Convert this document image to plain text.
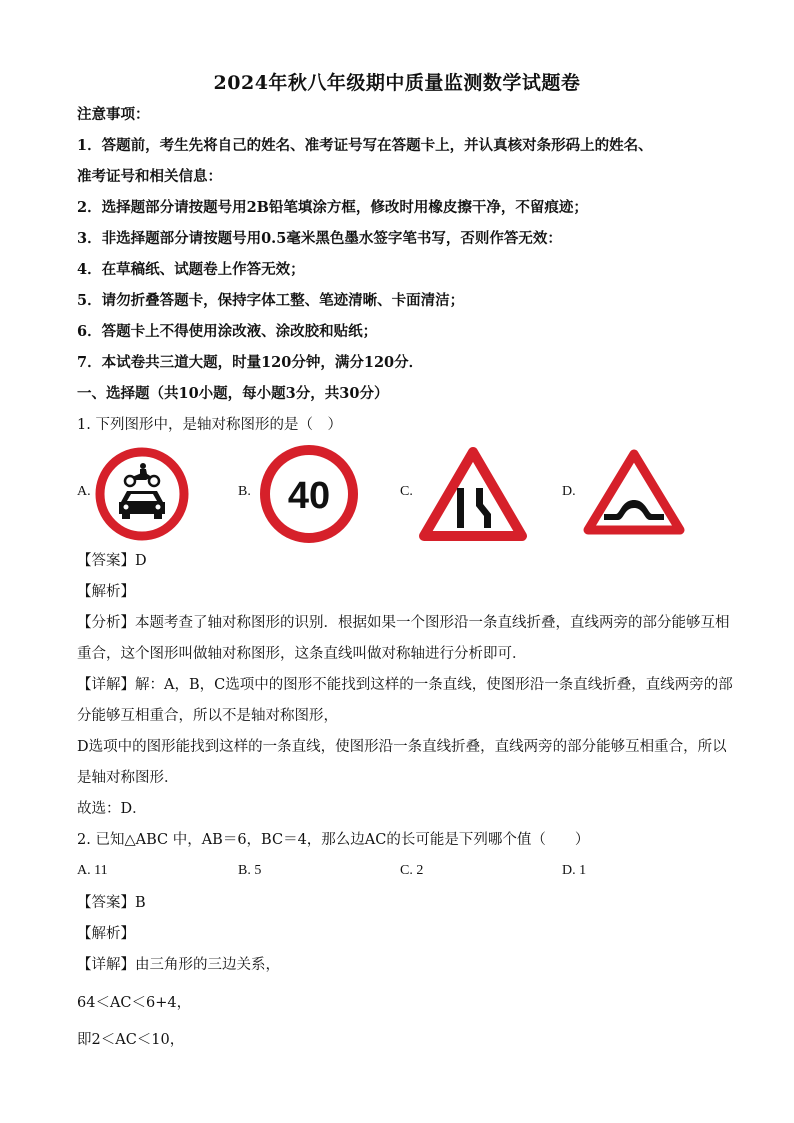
2024年秋八年级期中质量监测数学试题卷
注意事项：
1．答题前，考生先将自己的姓名、准考证号写在答题卡上，并认真核对条形码上的姓名、
准考证号和相关信息：
2．选择题部分请按题号用2B铅笔填涂方框，修改时用橡皮擦干净，不留痕迹；
3．非选择题部分请按题号用0.5毫米黑色墨水签字笔书写，否则作答无效：
4．在草稿纸、试题卷上作答无效；
5．请勿折叠答题卡，保持字体工整、笔迹清晰、卡面清洁；
6．答题卡上不得使用涂改液、涂改胶和贴纸；
7．本试卷共三道大题，时量120分钟，满分120分．
一、选择题（共10小题，每小题3分，共30分）
1. 下列图形中，是轴对称图形的是（　）
A.	B. 40	C.	D.
【答案】D
【解析】
【分析】本题考查了轴对称图形的识别．根据如果一个图形沿一条直线折叠，直线两旁的部分能够互相
重合，这个图形叫做轴对称图形，这条直线叫做对称轴进行分析即可．
【详解】解：A，B，C选项中的图形不能找到这样的一条直线，使图形沿一条直线折叠，直线两旁的部
分能够互相重合，所以不是轴对称图形，
D选项中的图形能找到这样的一条直线，使图形沿一条直线折叠，直线两旁的部分能够互相重合，所以
是轴对称图形．
故选：D．
2. 已知△ABC 中，AB＝6，BC＝4，那么边AC的长可能是下列哪个值（　　）
A. 11	B. 5	C. 2	D. 1
【答案】B
【解析】
【详解】由三角形的三边关系，
64＜AC＜6+4，
即2＜AC＜10，
